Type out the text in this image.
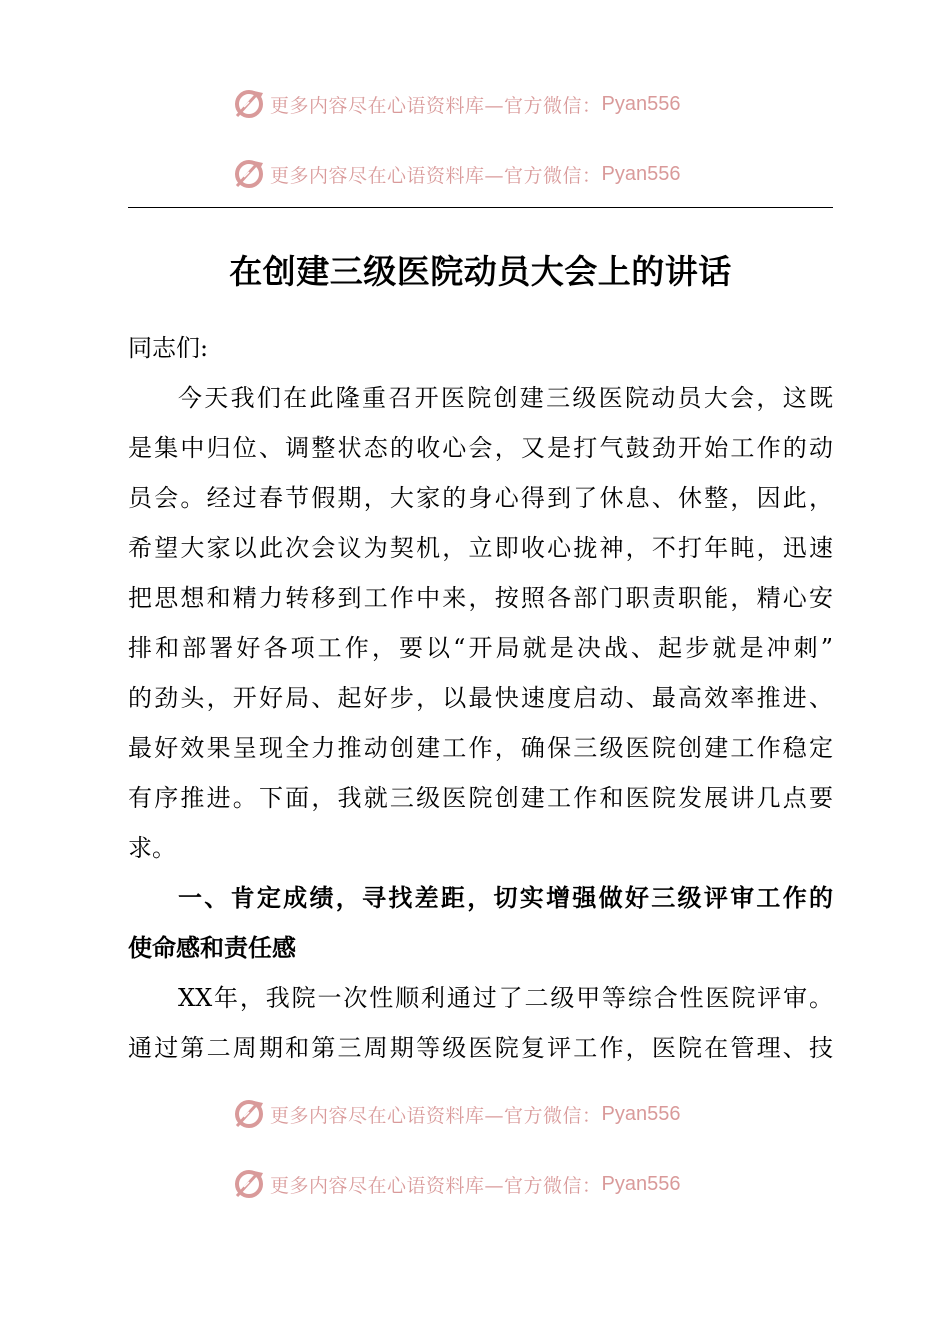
更多内容尽在心语资料库—官方微信： Pyan556
更多内容尽在心语资料库—官方微信： Pyan556
在创建三级医院动员大会上的讲话
同志们:
今天我们在此隆重召开医院创建三级医院动员大会，这既
是集中归位、调整状态的收心会，又是打气鼓劲开始工作的动
员会。经过春节假期，大家的身心得到了休息、休整，因此，
希望大家以此次会议为契机，立即收心拢神，不打年盹，迅速
把思想和精力转移到工作中来，按照各部门职责职能，精心安
排和部署好各项工作，要以“开局就是决战、起步就是冲刺”
的劲头，开好局、起好步，以最快速度启动、最高效率推进、
最好效果呈现全力推动创建工作，确保三级医院创建工作稳定
有序推进。下面，我就三级医院创建工作和医院发展讲几点要
求。
一、肯定成绩，寻找差距，切实增强做好三级评审工作的
使命感和责任感
XX年，我院一次性顺利通过了二级甲等综合性医院评审。
通过第二周期和第三周期等级医院复评工作，医院在管理、技
更多内容尽在心语资料库—官方微信： Pyan556
更多内容尽在心语资料库—官方微信： Pyan556
